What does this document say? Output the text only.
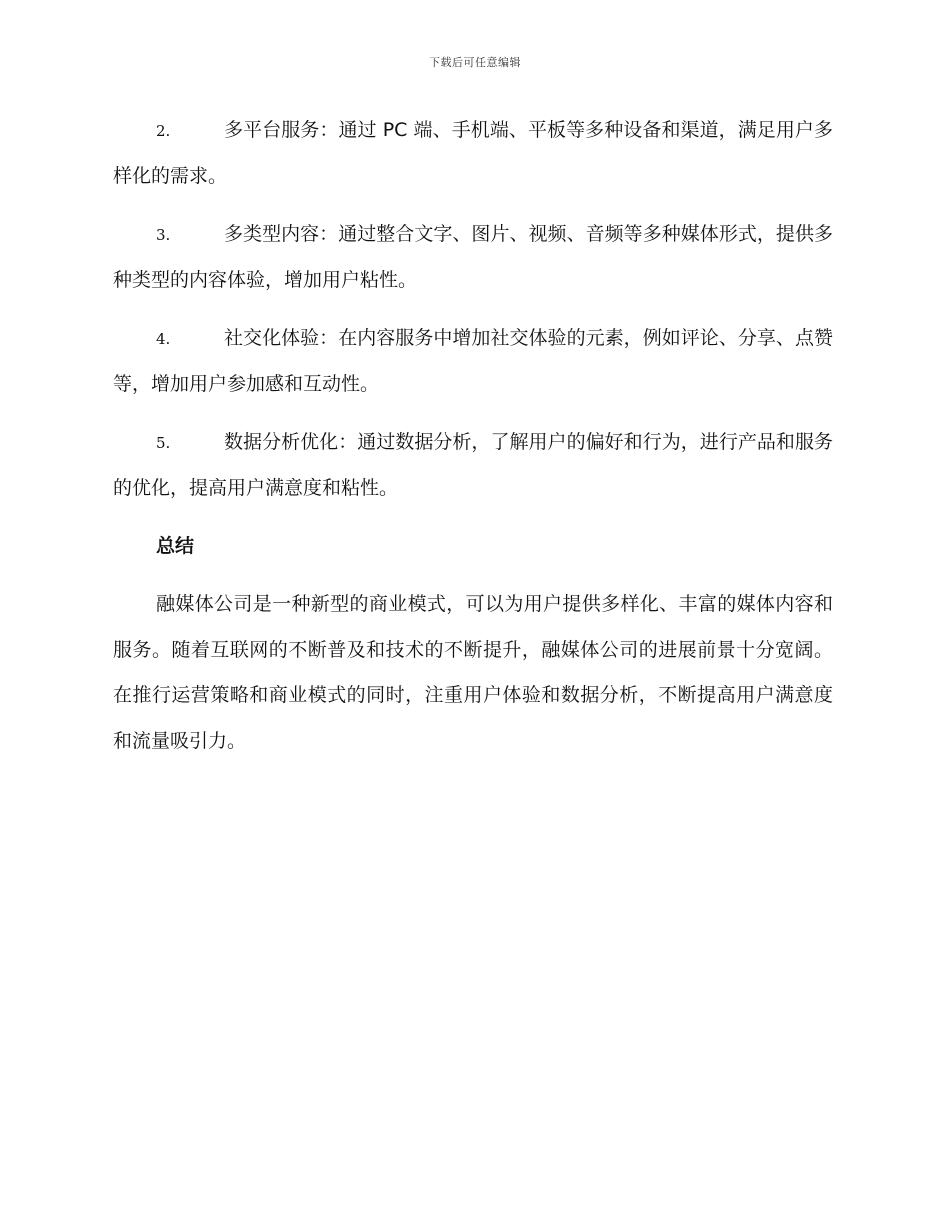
下载后可任意编辑

2.	多平台服务：通过 PC 端、手机端、平板等多种设备和渠道，满足用户多样化的需求。

3.	多类型内容：通过整合文字、图片、视频、音频等多种媒体形式，提供多种类型的内容体验，增加用户粘性。

4.	社交化体验：在内容服务中增加社交体验的元素，例如评论、分享、点赞等，增加用户参加感和互动性。

5.	数据分析优化：通过数据分析，了解用户的偏好和行为，进行产品和服务的优化，提高用户满意度和粘性。

总结

融媒体公司是一种新型的商业模式，可以为用户提供多样化、丰富的媒体内容和服务。随着互联网的不断普及和技术的不断提升，融媒体公司的进展前景十分宽阔。在推行运营策略和商业模式的同时，注重用户体验和数据分析，不断提高用户满意度和流量吸引力。
